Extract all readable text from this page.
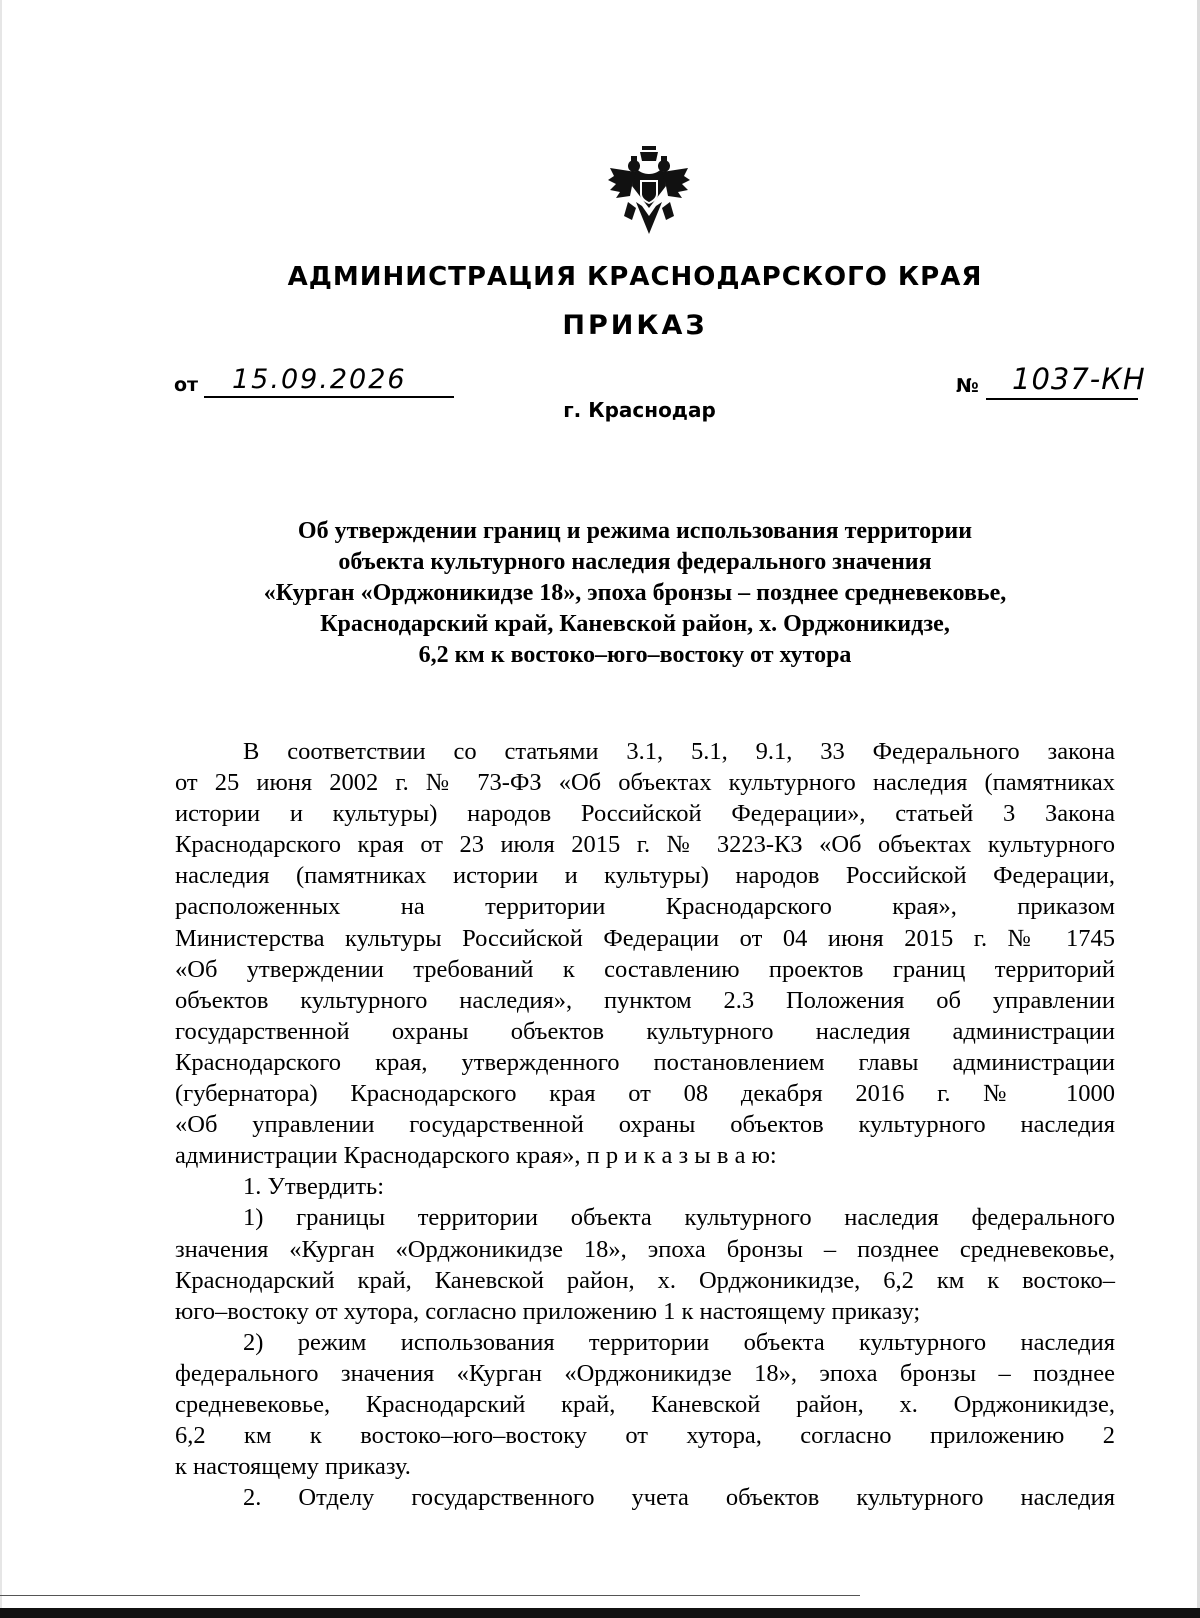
АДМИНИСТРАЦИЯ КРАСНОДАРСКОГО КРАЯ
ПРИКАЗ
от 15.09.2026	№ 1037-КН
г. Краснодар
Об утверждении границ и режима использования территории
объекта культурного наследия федерального значения
«Курган «Орджоникидзе 18», эпоха бронзы – позднее средневековье,
Краснодарский край, Каневской район, х. Орджоникидзе,
6,2 км к востоко–юго–востоку от хутора
В соответствии со статьями 3.1, 5.1, 9.1, 33 Федерального закона
от 25 июня 2002 г. № 73-ФЗ «Об объектах культурного наследия (памятниках
истории и культуры) народов Российской Федерации», статьей 3 Закона
Краснодарского края от 23 июля 2015 г. № 3223-КЗ «Об объектах культурного
наследия (памятниках истории и культуры) народов Российской Федерации,
расположенных на территории Краснодарского края», приказом
Министерства культуры Российской Федерации от 04 июня 2015 г. № 1745
«Об утверждении требований к составлению проектов границ территорий
объектов культурного наследия», пунктом 2.3 Положения об управлении
государственной охраны объектов культурного наследия администрации
Краснодарского края, утвержденного постановлением главы администрации
(губернатора) Краснодарского края от 08 декабря 2016 г. № 1000
«Об управлении государственной охраны объектов культурного наследия
администрации Краснодарского края», п р и к а з ы в а ю:
1. Утвердить:
1) границы территории объекта культурного наследия федерального
значения «Курган «Орджоникидзе 18», эпоха бронзы – позднее средневековье,
Краснодарский край, Каневской район, х. Орджоникидзе, 6,2 км к востоко–
юго–востоку от хутора, согласно приложению 1 к настоящему приказу;
2) режим использования территории объекта культурного наследия
федерального значения «Курган «Орджоникидзе 18», эпоха бронзы – позднее
средневековье, Краснодарский край, Каневской район, х. Орджоникидзе,
6,2 км к востоко–юго–востоку от хутора, согласно приложению 2
к настоящему приказу.
2. Отделу государственного учета объектов культурного наследия
